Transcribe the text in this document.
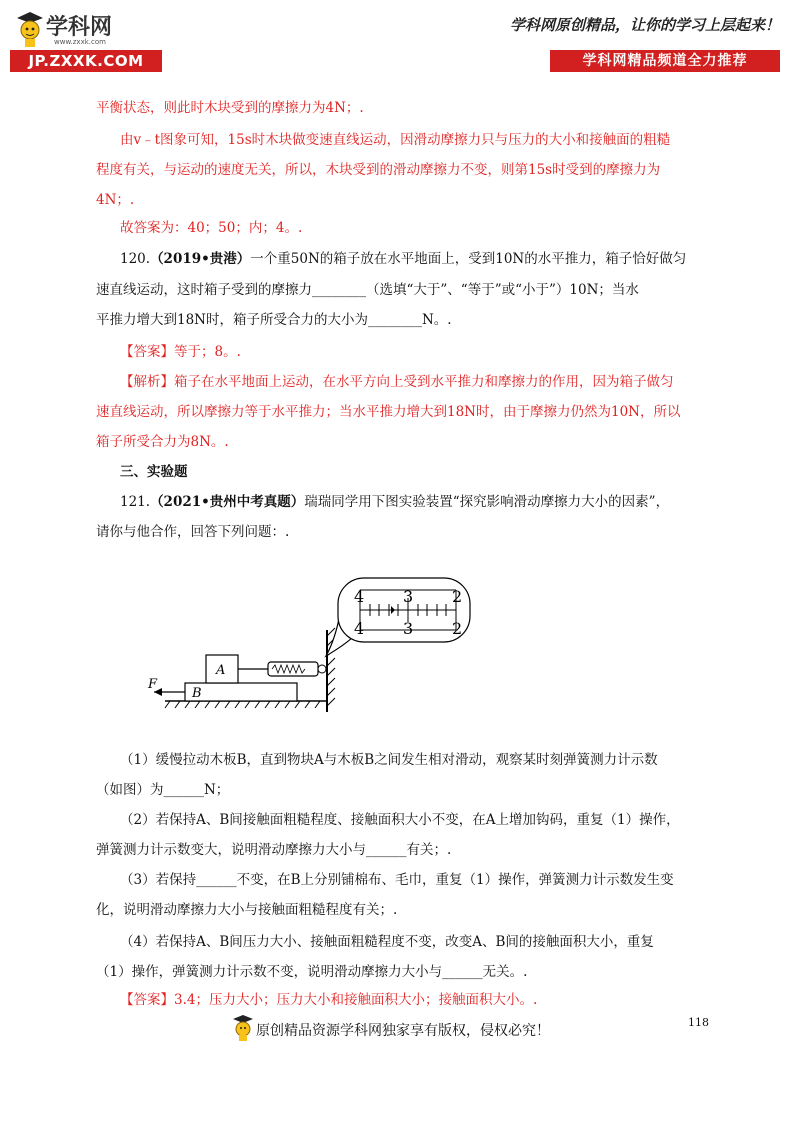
学科网
www.zxxk.com
JP.ZXXK.COM
学科网原创精品，让你的学习上层起来！
学科网精品频道全力推荐
平衡状态，则此时木块受到的摩擦力为4N；.
由v﹣t图象可知，15s时木块做变速直线运动，因滑动摩擦力只与压力的大小和接触面的粗糙
程度有关，与运动的速度无关，所以，木块受到的滑动摩擦力不变，则第15s时受到的摩擦力为
4N；.
故答案为：40；50；内；4。.
120.（2019•贵港）一个重50N的箱子放在水平地面上，受到10N的水平推力，箱子恰好做匀
速直线运动，这时箱子受到的摩擦力________（选填“大于”、“等于”或“小于”）10N；当水
平推力增大到18N时，箱子所受合力的大小为________N。.
【答案】等于；8。.
【解析】箱子在水平地面上运动，在水平方向上受到水平推力和摩擦力的作用，因为箱子做匀
速直线运动，所以摩擦力等于水平推力；当水平推力增大到18N时，由于摩擦力仍然为10N，所以
箱子所受合力为8N。.
三、实验题
121.（2021•贵州中考真题）瑞瑞同学用下图实验装置“探究影响滑动摩擦力大小的因素”，
请你与他合作，回答下列问题：.
B
A
F
4 3 2
4 3 2
（1）缓慢拉动木板B，直到物块A与木板B之间发生相对滑动，观察某时刻弹簧测力计示数
（如图）为______N；
（2）若保持A、B间接触面粗糙程度、接触面积大小不变，在A上增加钩码，重复（1）操作，
弹簧测力计示数变大，说明滑动摩擦力大小与______有关；.
（3）若保持______不变，在B上分别铺棉布、毛巾，重复（1）操作，弹簧测力计示数发生变
化，说明滑动摩擦力大小与接触面粗糙程度有关；.
（4）若保持A、B间压力大小、接触面粗糙程度不变，改变A、B间的接触面积大小，重复
（1）操作，弹簧测力计示数不变，说明滑动摩擦力大小与______无关。.
【答案】3.4；压力大小；压力大小和接触面积大小；接触面积大小。.
118
原创精品资源学科网独家享有版权，侵权必究！
